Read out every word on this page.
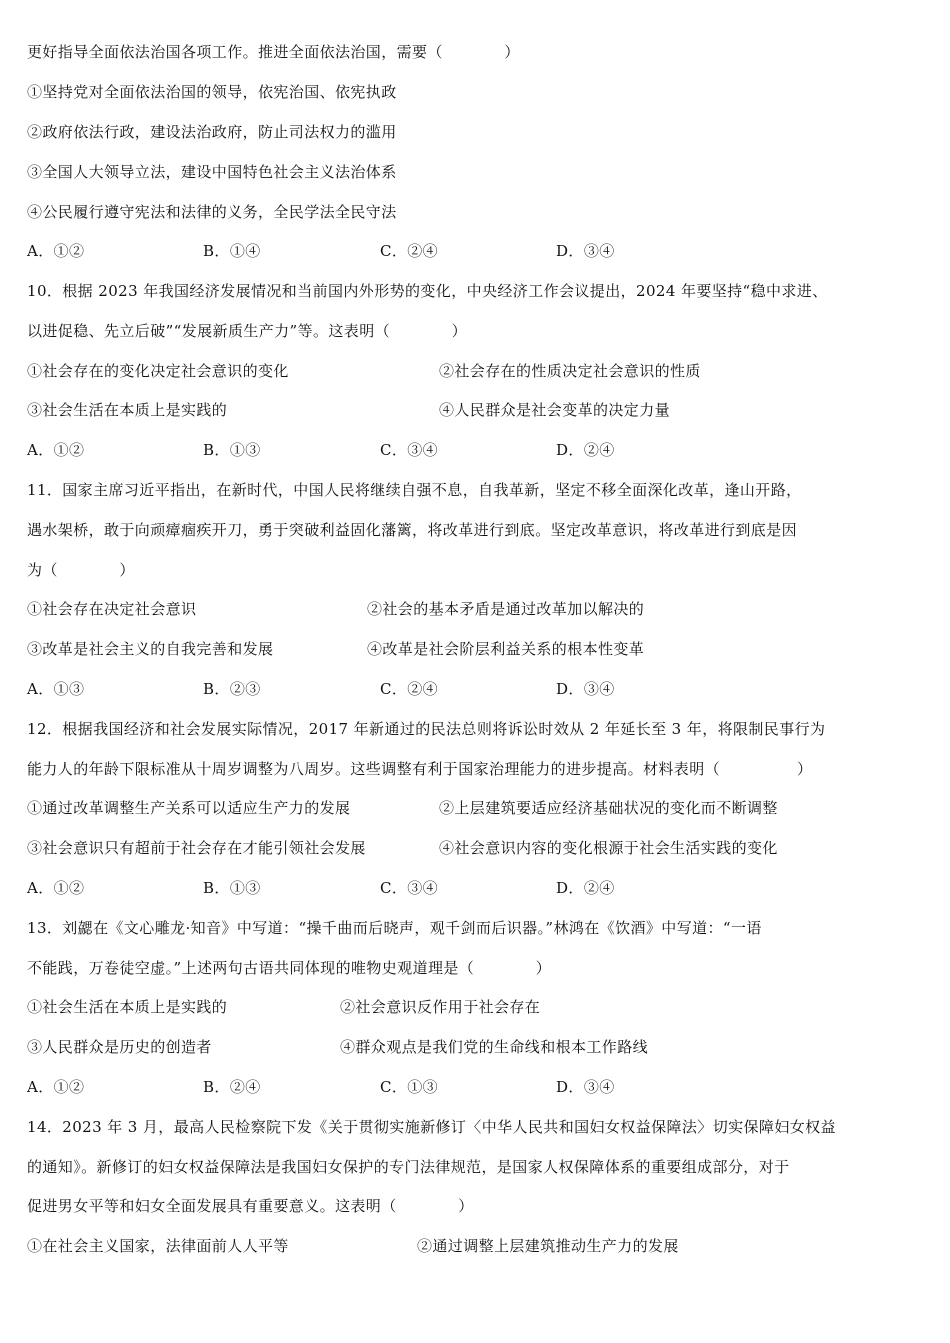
更好指导全面依法治国各项工作。推进全面依法治国，需要（　　　　）
①坚持党对全面依法治国的领导，依宪治国、依宪执政
②政府依法行政，建设法治政府，防止司法权力的滥用
③全国人大领导立法，建设中国特色社会主义法治体系
④公民履行遵守宪法和法律的义务，全民学法全民守法
A．①②	B．①④	C．②④	D．③④
10．根据 2023 年我国经济发展情况和当前国内外形势的变化，中央经济工作会议提出，2024 年要坚持“稳中求进、
以进促稳、先立后破”“发展新质生产力”等。这表明（　　　　）
①社会存在的变化决定社会意识的变化	②社会存在的性质决定社会意识的性质
③社会生活在本质上是实践的	④人民群众是社会变革的决定力量
A．①②	B．①③	C．③④	D．②④
11．国家主席习近平指出，在新时代，中国人民将继续自强不息，自我革新，坚定不移全面深化改革，逢山开路，
遇水架桥，敢于向顽瘴痼疾开刀，勇于突破利益固化藩篱，将改革进行到底。坚定改革意识，将改革进行到底是因
为（　　　　）
①社会存在决定社会意识	②社会的基本矛盾是通过改革加以解决的
③改革是社会主义的自我完善和发展	④改革是社会阶层利益关系的根本性变革
A．①③	B．②③	C．②④	D．③④
12．根据我国经济和社会发展实际情况，2017 年新通过的民法总则将诉讼时效从 2 年延长至 3 年，将限制民事行为
能力人的年龄下限标准从十周岁调整为八周岁。这些调整有利于国家治理能力的进步提高。材料表明（　　　　　）
①通过改革调整生产关系可以适应生产力的发展	②上层建筑要适应经济基础状况的变化而不断调整
③社会意识只有超前于社会存在才能引领社会发展	④社会意识内容的变化根源于社会生活实践的变化
A．①②	B．①③	C．③④	D．②④
13．刘勰在《文心雕龙·知音》中写道：“操千曲而后晓声，观千剑而后识器。”林鸿在《饮酒》中写道：“一语
不能践，万卷徒空虚。”上述两句古语共同体现的唯物史观道理是（　　　　）
①社会生活在本质上是实践的	②社会意识反作用于社会存在
③人民群众是历史的创造者	④群众观点是我们党的生命线和根本工作路线
A．①②	B．②④	C．①③	D．③④
14．2023 年 3 月，最高人民检察院下发《关于贯彻实施新修订〈中华人民共和国妇女权益保障法〉切实保障妇女权益
的通知》。新修订的妇女权益保障法是我国妇女保护的专门法律规范，是国家人权保障体系的重要组成部分，对于
促进男女平等和妇女全面发展具有重要意义。这表明（　　　　）
①在社会主义国家，法律面前人人平等	②通过调整上层建筑推动生产力的发展
